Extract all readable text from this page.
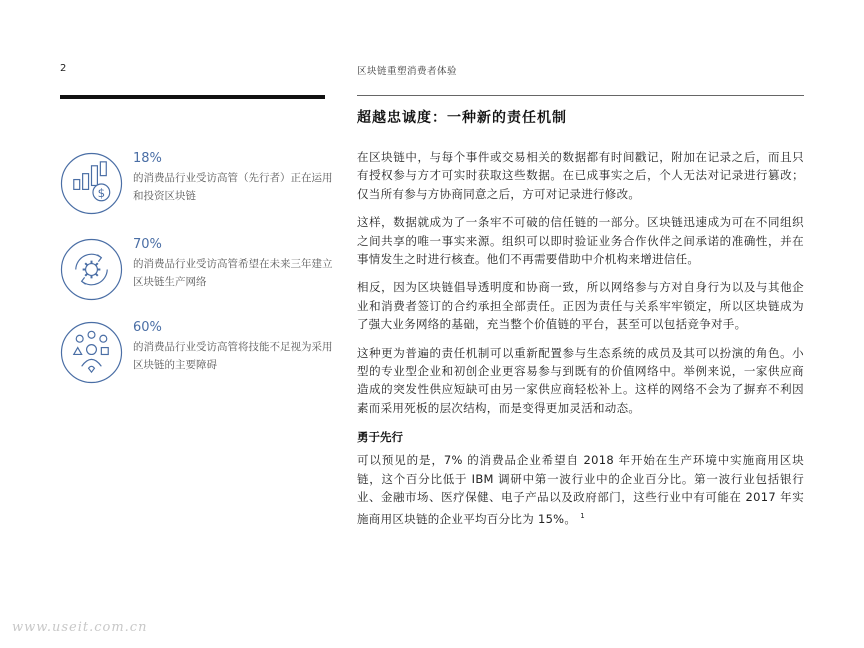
2	区块链重塑消费者体验
$
18%
的消费品行业受访高管（先行者）正在运用和投资区块链
70%
的消费品行业受访高管希望在未来三年建立区块链生产网络
60%
的消费品行业受访高管将技能不足视为采用区块链的主要障碍
超越忠诚度：一种新的责任机制

在区块链中，与每个事件或交易相关的数据都有时间戳记，附加在记录之后，而且只有授权参与方才可实时获取这些数据。在已成事实之后，个人无法对记录进行篡改；仅当所有参与方协商同意之后，方可对记录进行修改。

这样，数据就成为了一条牢不可破的信任链的一部分。区块链迅速成为可在不同组织之间共享的唯一事实来源。组织可以即时验证业务合作伙伴之间承诺的准确性，并在事情发生之时进行核查。他们不再需要借助中介机构来增进信任。

相反，因为区块链倡导透明度和协商一致，所以网络参与方对自身行为以及与其他企业和消费者签订的合约承担全部责任。正因为责任与关系牢牢锁定，所以区块链成为了强大业务网络的基础，充当整个价值链的平台，甚至可以包括竞争对手。

这种更为普遍的责任机制可以重新配置参与生态系统的成员及其可以扮演的角色。小型的专业型企业和初创企业更容易参与到既有的价值网络中。举例来说，一家供应商造成的突发性供应短缺可由另一家供应商轻松补上。这样的网络不会为了摒弃不利因素而采用死板的层次结构，而是变得更加灵活和动态。

勇于先行

可以预见的是，7% 的消费品企业希望自 2018 年开始在生产环境中实施商用区块链，这个百分比低于 IBM 调研中第一波行业中的企业百分比。第一波行业包括银行业、金融市场、医疗保健、电子产品以及政府部门，这些行业中有可能在 2017 年实施商用区块链的企业平均百分比为 15%。 $^1$

www.useit.com.cn
